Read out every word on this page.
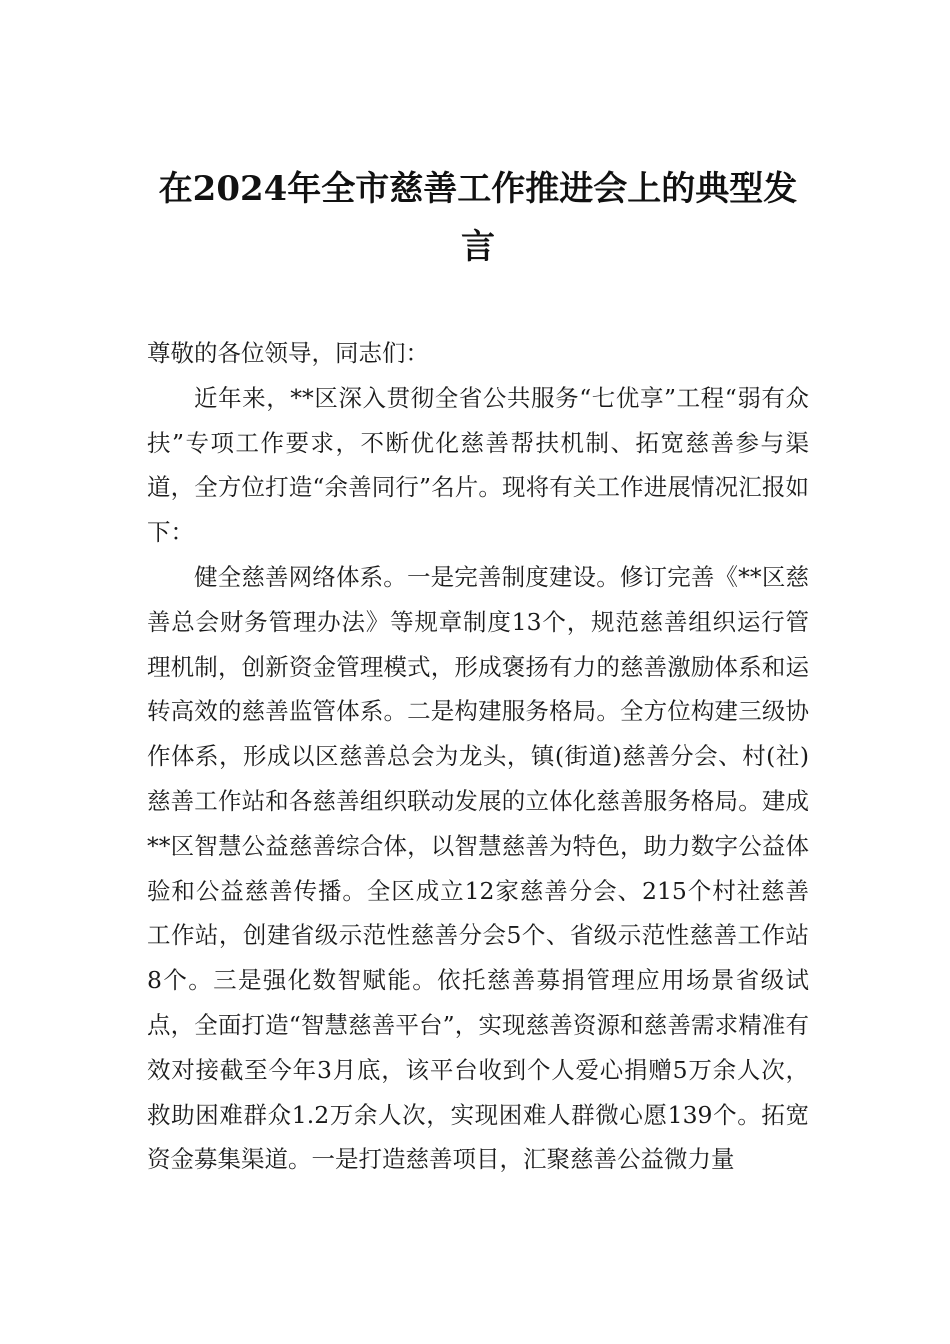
在2024年全市慈善工作推进会上的典型发言

尊敬的各位领导，同志们：

近年来，**区深入贯彻全省公共服务“七优享”工程“弱有众扶”专项工作要求，不断优化慈善帮扶机制、拓宽慈善参与渠道，全方位打造“余善同行”名片。现将有关工作进展情况汇报如下：

健全慈善网络体系。一是完善制度建设。修订完善《**区慈善总会财务管理办法》等规章制度13个，规范慈善组织运行管理机制，创新资金管理模式，形成褒扬有力的慈善激励体系和运转高效的慈善监管体系。二是构建服务格局。全方位构建三级协作体系，形成以区慈善总会为龙头，镇(街道)慈善分会、村(社)慈善工作站和各慈善组织联动发展的立体化慈善服务格局。建成**区智慧公益慈善综合体，以智慧慈善为特色，助力数字公益体验和公益慈善传播。全区成立12家慈善分会、215个村社慈善工作站，创建省级示范性慈善分会5个、省级示范性慈善工作站8个。三是强化数智赋能。依托慈善募捐管理应用场景省级试点，全面打造“智慧慈善平台”，实现慈善资源和慈善需求精准有效对接截至今年3月底，该平台收到个人爱心捐赠5万余人次，救助困难群众1.2万余人次，实现困难人群微心愿139个。拓宽资金募集渠道。一是打造慈善项目，汇聚慈善公益微力量
